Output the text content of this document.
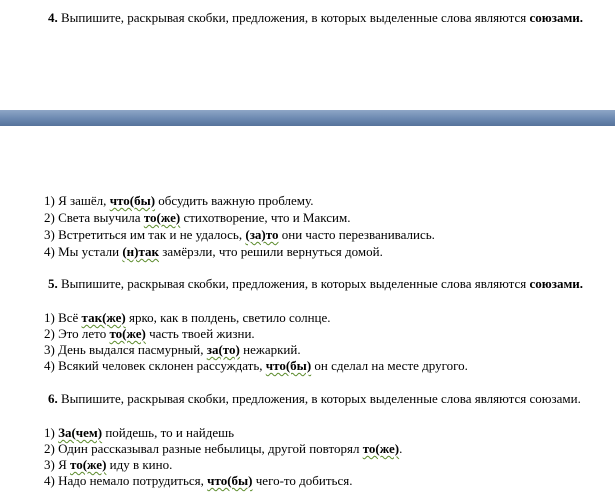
4. Выпишите, раскрывая скобки, предложения, в которых выделенные слова являются союзами.
1) Я зашёл, что(бы) обсудить важную проблему.
2) Света выучила то(же) стихотворение, что и Максим.
3) Встретиться им так и не удалось, (за)то они часто перезванивались.
4) Мы устали (н)так замёрзли, что решили вернуться домой.
5. Выпишите, раскрывая скобки, предложения, в которых выделенные слова являются союзами.
1) Всё так(же) ярко, как в полдень, светило солнце.
2) Это лето то(же) часть твоей жизни.
3) День выдался пасмурный, за(то) нежаркий.
4) Всякий человек склонен рассуждать, что(бы) он сделал на месте другого.
6. Выпишите, раскрывая скобки, предложения, в которых выделенные слова являются союзами.
1) За(чем) пойдешь, то и найдешь
2) Один рассказывал разные небылицы, другой повторял то(же).
3) Я то(же) иду в кино.
4) Надо немало потрудиться, что(бы) чего-то добиться.
